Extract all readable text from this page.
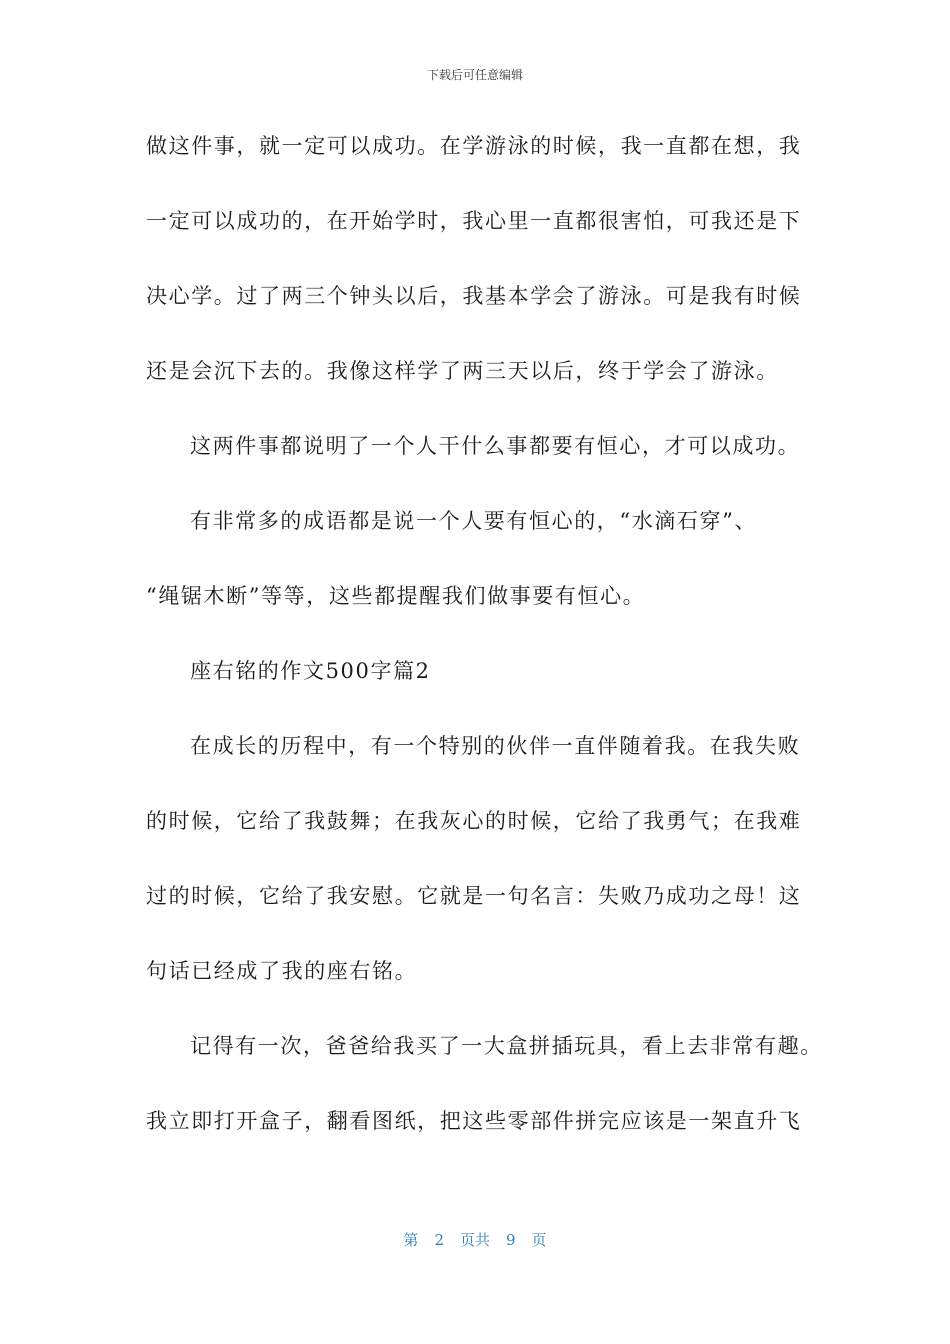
下载后可任意编辑
做这件事，就一定可以成功。在学游泳的时候，我一直都在想，我
一定可以成功的，在开始学时，我心里一直都很害怕，可我还是下
决心学。过了两三个钟头以后，我基本学会了游泳。可是我有时候
还是会沉下去的。我像这样学了两三天以后，终于学会了游泳。
这两件事都说明了一个人干什么事都要有恒心，才可以成功。
有非常多的成语都是说一个人要有恒心的，“水滴石穿”、
“绳锯木断”等等，这些都提醒我们做事要有恒心。
座右铭的作文500字篇2
在成长的历程中，有一个特别的伙伴一直伴随着我。在我失败
的时候，它给了我鼓舞；在我灰心的时候，它给了我勇气；在我难
过的时候，它给了我安慰。它就是一句名言：失败乃成功之母！这
句话已经成了我的座右铭。
记得有一次，爸爸给我买了一大盒拼插玩具，看上去非常有趣。
我立即打开盒子，翻看图纸，把这些零部件拼完应该是一架直升飞
第 2 页共 9 页
